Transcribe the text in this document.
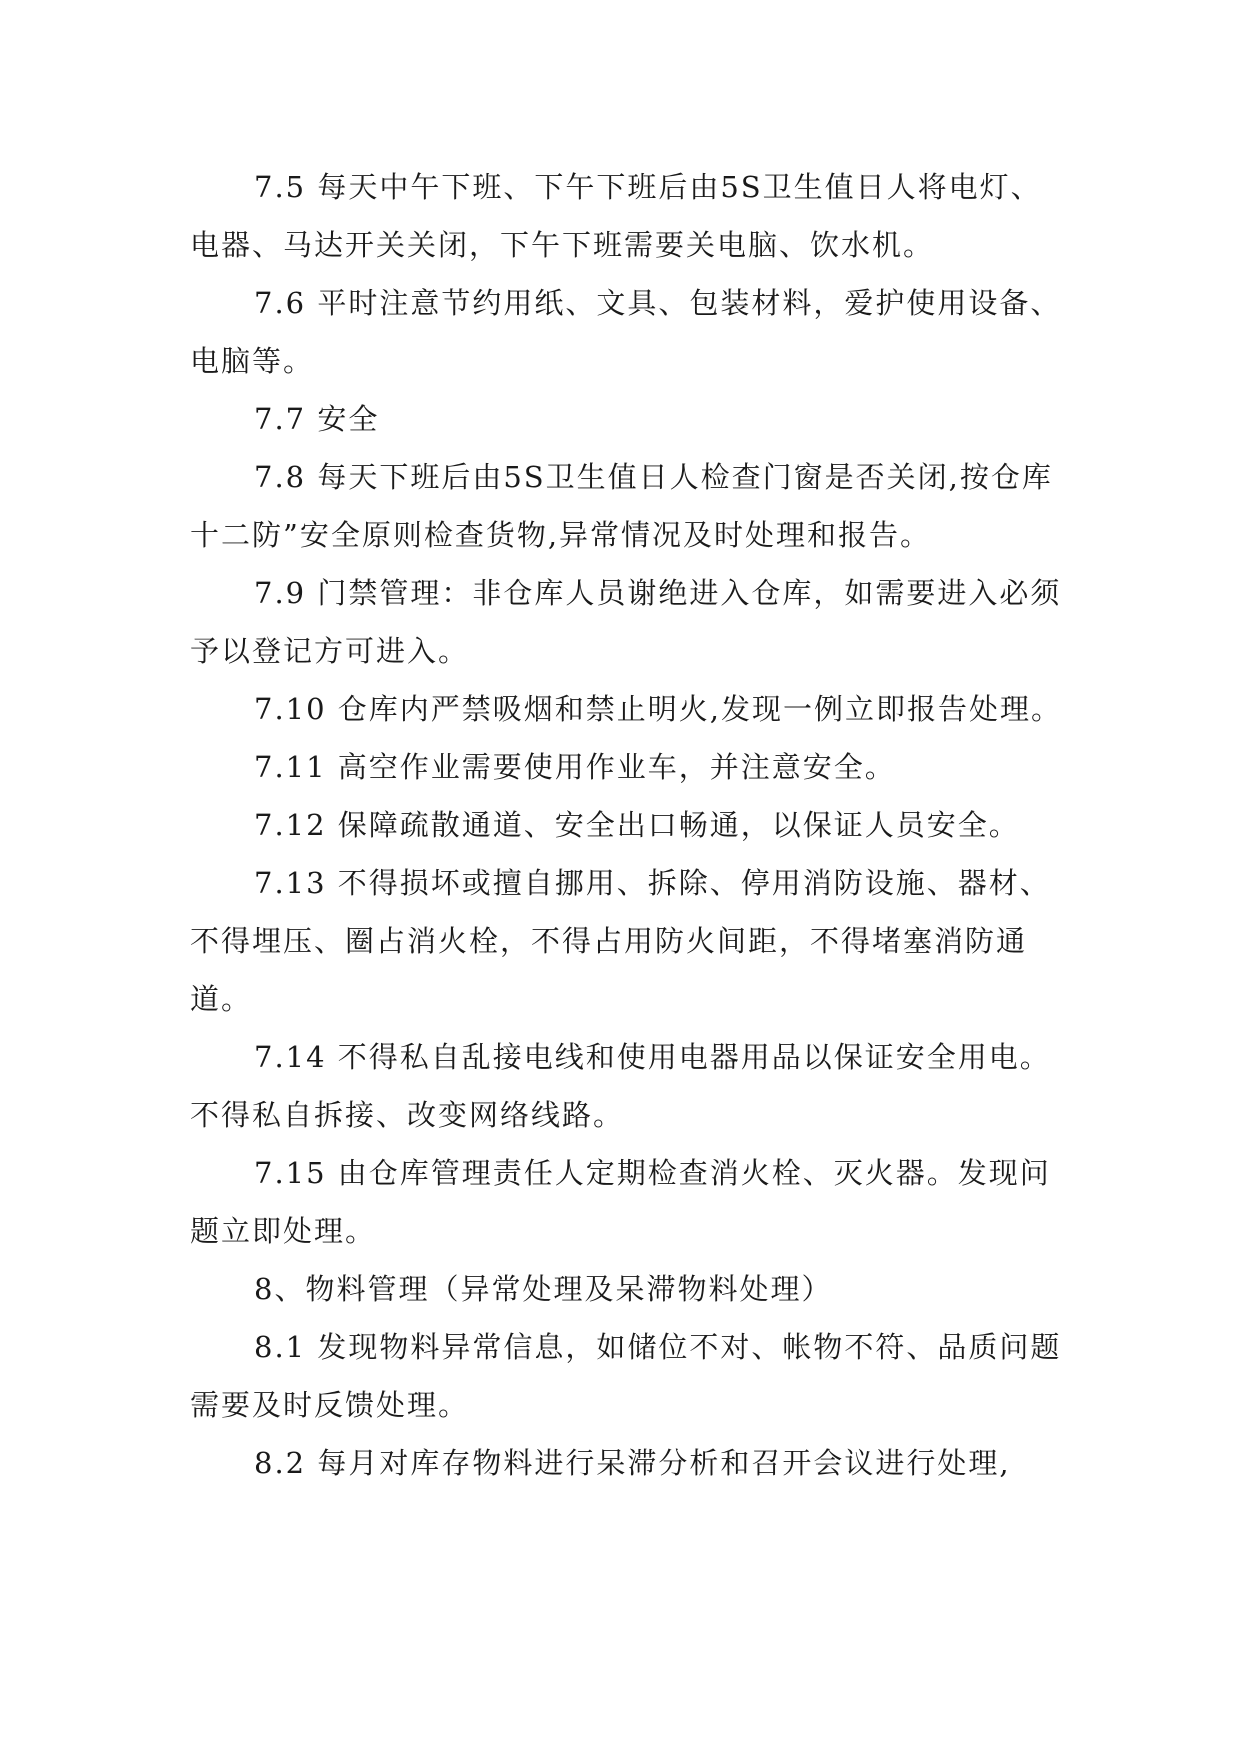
7.5 每天中午下班、下午下班后由5S卫生值日人将电灯、电器、马达开关关闭，下午下班需要关电脑、饮水机。

7.6 平时注意节约用纸、文具、包装材料，爱护使用设备、电脑等。

7.7 安全

7.8 每天下班后由5S卫生值日人检查门窗是否关闭,按仓库十二防”安全原则检查货物,异常情况及时处理和报告。

7.9 门禁管理：非仓库人员谢绝进入仓库，如需要进入必须予以登记方可进入。

7.10 仓库内严禁吸烟和禁止明火,发现一例立即报告处理。

7.11 高空作业需要使用作业车，并注意安全。

7.12 保障疏散通道、安全出口畅通，以保证人员安全。

7.13 不得损坏或擅自挪用、拆除、停用消防设施、器材、不得埋压、圈占消火栓，不得占用防火间距，不得堵塞消防通道。

7.14 不得私自乱接电线和使用电器用品以保证安全用电。不得私自拆接、改变网络线路。

7.15 由仓库管理责任人定期检查消火栓、灭火器。发现问题立即处理。

8、物料管理（异常处理及呆滞物料处理）

8.1 发现物料异常信息，如储位不对、帐物不符、品质问题需要及时反馈处理。

8.2 每月对库存物料进行呆滞分析和召开会议进行处理,
